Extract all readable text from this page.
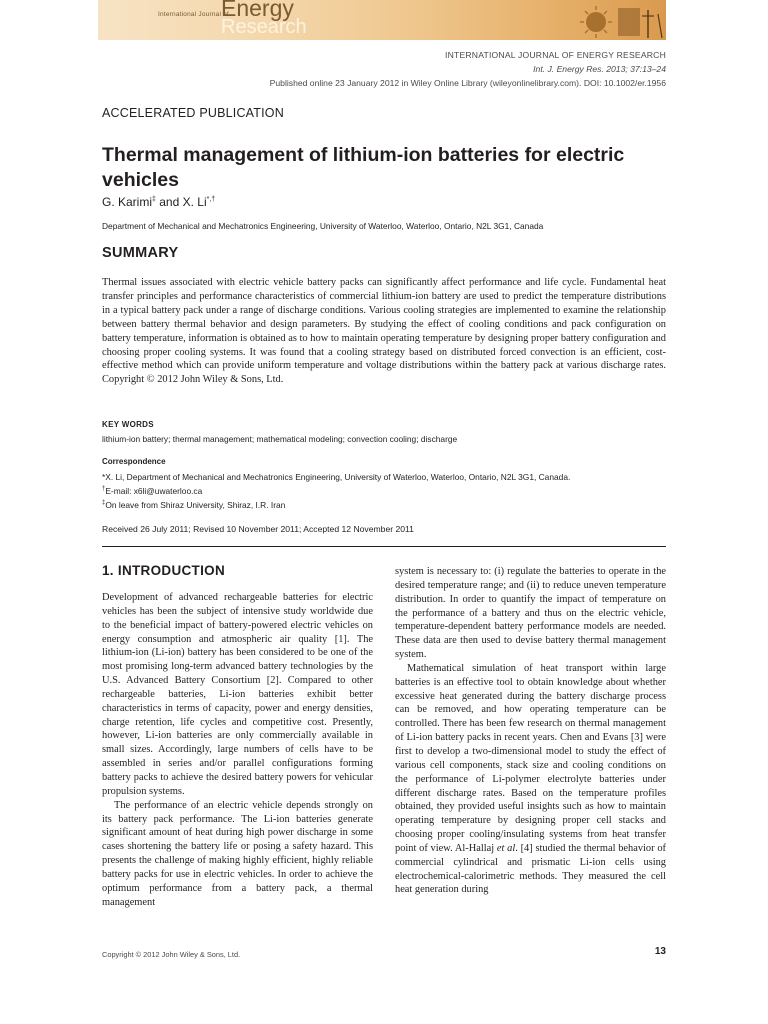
International Journal of
Energy
Research
INTERNATIONAL JOURNAL OF ENERGY RESEARCH
Int. J. Energy Res. 2013; 37:13–24
Published online 23 January 2012 in Wiley Online Library (wileyonlinelibrary.com). DOI: 10.1002/er.1956
ACCELERATED PUBLICATION
Thermal management of lithium-ion batteries for electric vehicles
G. Karimi‡ and X. Li*,†
Department of Mechanical and Mechatronics Engineering, University of Waterloo, Waterloo, Ontario, N2L 3G1, Canada
SUMMARY

Thermal issues associated with electric vehicle battery packs can significantly affect performance and life cycle. Fundamental heat transfer principles and performance characteristics of commercial lithium-ion battery are used to predict the temperature distributions in a typical battery pack under a range of discharge conditions. Various cooling strategies are implemented to examine the relationship between battery thermal behavior and design parameters. By studying the effect of cooling conditions and pack configuration on battery temperature, information is obtained as to how to maintain operating temperature by designing proper battery configuration and choosing proper cooling systems. It was found that a cooling strategy based on distributed forced convection is an efficient, cost-effective method which can provide uniform temperature and voltage distributions within the battery pack at various discharge rates. Copyright © 2012 John Wiley & Sons, Ltd.

KEY WORDS
lithium-ion battery; thermal management; mathematical modeling; convection cooling; discharge
Correspondence
*X. Li, Department of Mechanical and Mechatronics Engineering, University of Waterloo, Waterloo, Ontario, N2L 3G1, Canada.
†E-mail: x6li@uwaterloo.ca
‡On leave from Shiraz University, Shiraz, I.R. Iran
Received 26 July 2011; Revised 10 November 2011; Accepted 12 November 2011
1. INTRODUCTION

Development of advanced rechargeable batteries for electric vehicles has been the subject of intensive study worldwide due to the beneficial impact of battery-powered electric vehicles on energy consumption and atmospheric air quality [1]. The lithium-ion (Li-ion) battery has been considered to be one of the most promising long-term advanced battery technologies by the U.S. Advanced Battery Consortium [2]. Compared to other rechargeable batteries, Li-ion batteries exhibit better characteristics in terms of capacity, power and energy densities, charge retention, life cycles and competitive cost. Presently, however, Li-ion batteries are only commercially available in small sizes. Accordingly, large numbers of cells have to be assembled in series and/or parallel configurations forming battery packs to achieve the desired battery powers for vehicular propulsion systems.

The performance of an electric vehicle depends strongly on its battery pack performance. The Li-ion batteries generate significant amount of heat during high power discharge in some cases shortening the battery life or posing a safety hazard. This presents the challenge of making highly efficient, highly reliable battery packs for use in electric vehicles. In order to achieve the optimum performance from a battery pack, a thermal management

system is necessary to: (i) regulate the batteries to operate in the desired temperature range; and (ii) to reduce uneven temperature distribution. In order to quantify the impact of temperature on the performance of a battery and thus on the electric vehicle, temperature-dependent battery performance models are needed. These data are then used to devise battery thermal management system.

Mathematical simulation of heat transport within large batteries is an effective tool to obtain knowledge about whether excessive heat generated during the battery discharge process can be removed, and how operating temperature can be controlled. There has been few research on thermal management of Li-ion battery packs in recent years. Chen and Evans [3] were first to develop a two-dimensional model to study the effect of various cell components, stack size and cooling conditions on the performance of Li-polymer electrolyte batteries under different discharge rates. Based on the temperature profiles obtained, they provided useful insights such as how to maintain operating temperature by designing proper cell stacks and choosing proper cooling/insulating systems from heat transfer point of view. Al-Hallaj et al. [4] studied the thermal behavior of commercial cylindrical and prismatic Li-ion cells using electrochemical-calorimetric methods. They measured the cell heat generation during

Copyright © 2012 John Wiley & Sons, Ltd.	13
